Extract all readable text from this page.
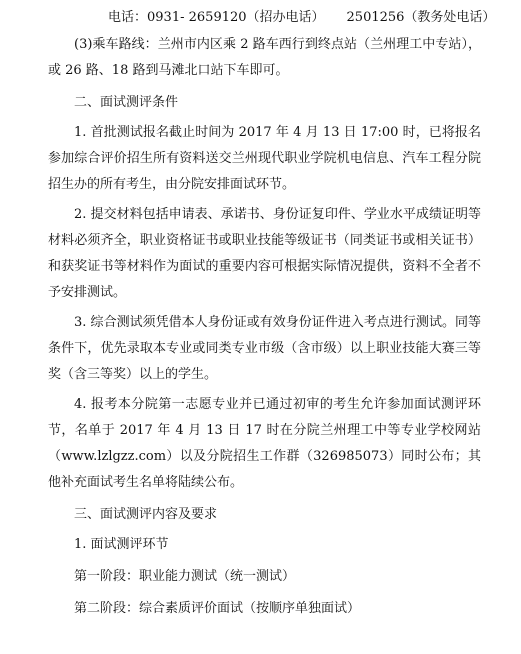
电话：0931- 2659120（招办电话） 2501256（教务处电话）

(3)乘车路线：兰州市内区乘 2 路车西行到终点站（兰州理工中专站），或 26 路、18 路到马滩北口站下车即可。

二、面试测评条件

1. 首批测试报名截止时间为 2017 年 4 月 13 日 17:00 时，已将报名参加综合评价招生所有资料送交兰州现代职业学院机电信息、汽车工程分院招生办的所有考生，由分院安排面试环节。

2. 提交材料包括申请表、承诺书、身份证复印件、学业水平成绩证明等材料必须齐全，职业资格证书或职业技能等级证书（同类证书或相关证书）和获奖证书等材料作为面试的重要内容可根据实际情况提供，资料不全者不予安排测试。

3. 综合测试须凭借本人身份证或有效身份证件进入考点进行测试。同等条件下，优先录取本专业或同类专业市级（含市级）以上职业技能大赛三等奖（含三等奖）以上的学生。

4. 报考本分院第一志愿专业并已通过初审的考生允许参加面试测评环节，名单于 2017 年 4 月 13 日 17 时在分院兰州理工中等专业学校网站（www.lzlgzz.com）以及分院招生工作群（326985073）同时公布；其他补充面试考生名单将陆续公布。

三、面试测评内容及要求

1. 面试测评环节

第一阶段：职业能力测试（统一测试）

第二阶段：综合素质评价面试（按顺序单独面试）
